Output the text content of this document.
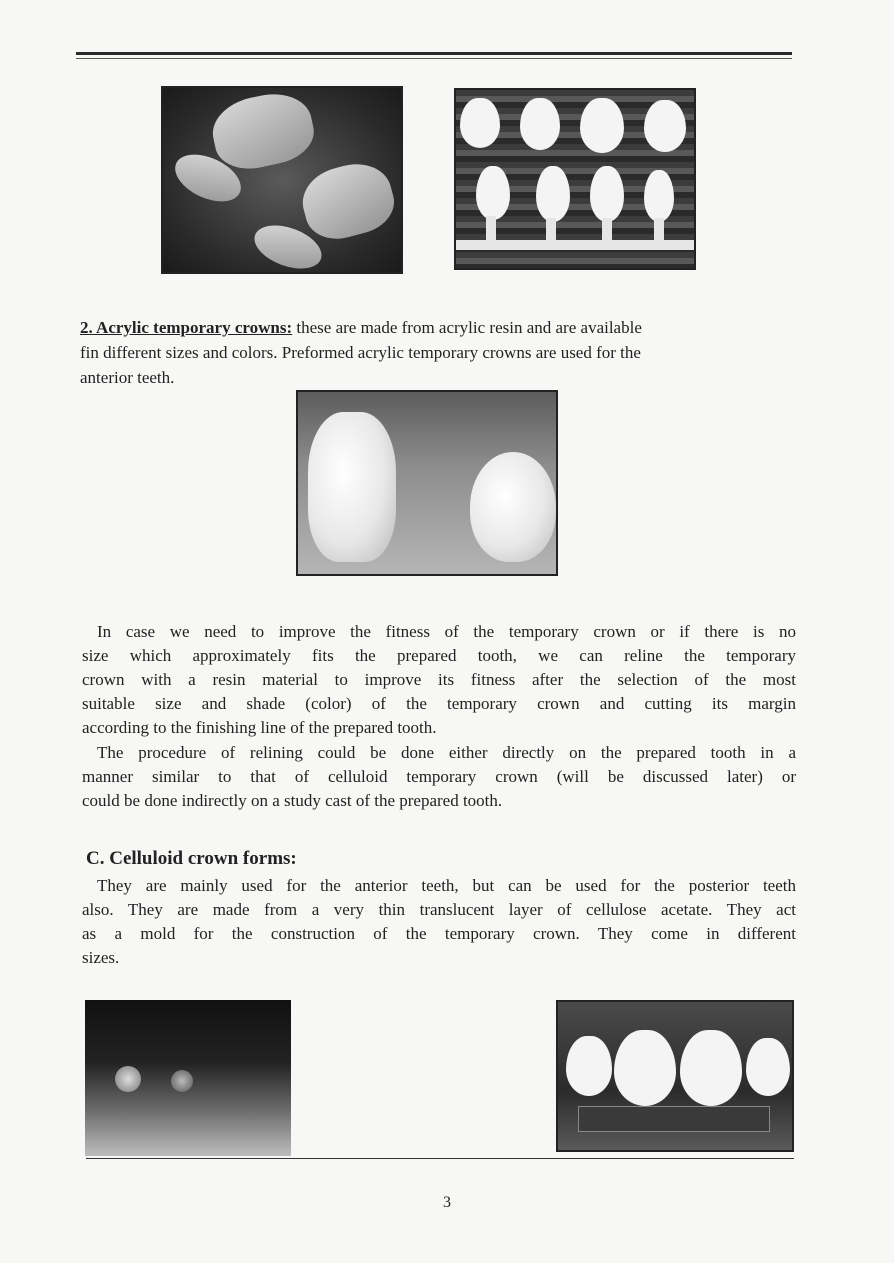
2. Acrylic temporary crowns: these are made from acrylic resin and are available
fin different sizes and colors. Preformed acrylic temporary crowns are used for the
anterior teeth.
In case we need to improve the fitness of the temporary crown or if there is no
size which approximately fits the prepared tooth, we can reline the temporary
crown with a resin material to improve its fitness after the selection of the most
suitable size and shade (color) of the temporary crown and cutting its margin
according to the finishing line of the prepared tooth.
The procedure of relining could be done either directly on the prepared tooth in a
manner similar to that of celluloid temporary crown (will be discussed later) or
could be done indirectly on a study cast of the prepared tooth.
C. Celluloid crown forms:
They are mainly used for the anterior teeth, but can be used for the posterior teeth
also. They are made from a very thin translucent layer of cellulose acetate. They act
as a mold for the construction of the temporary crown. They come in different
sizes.
3
